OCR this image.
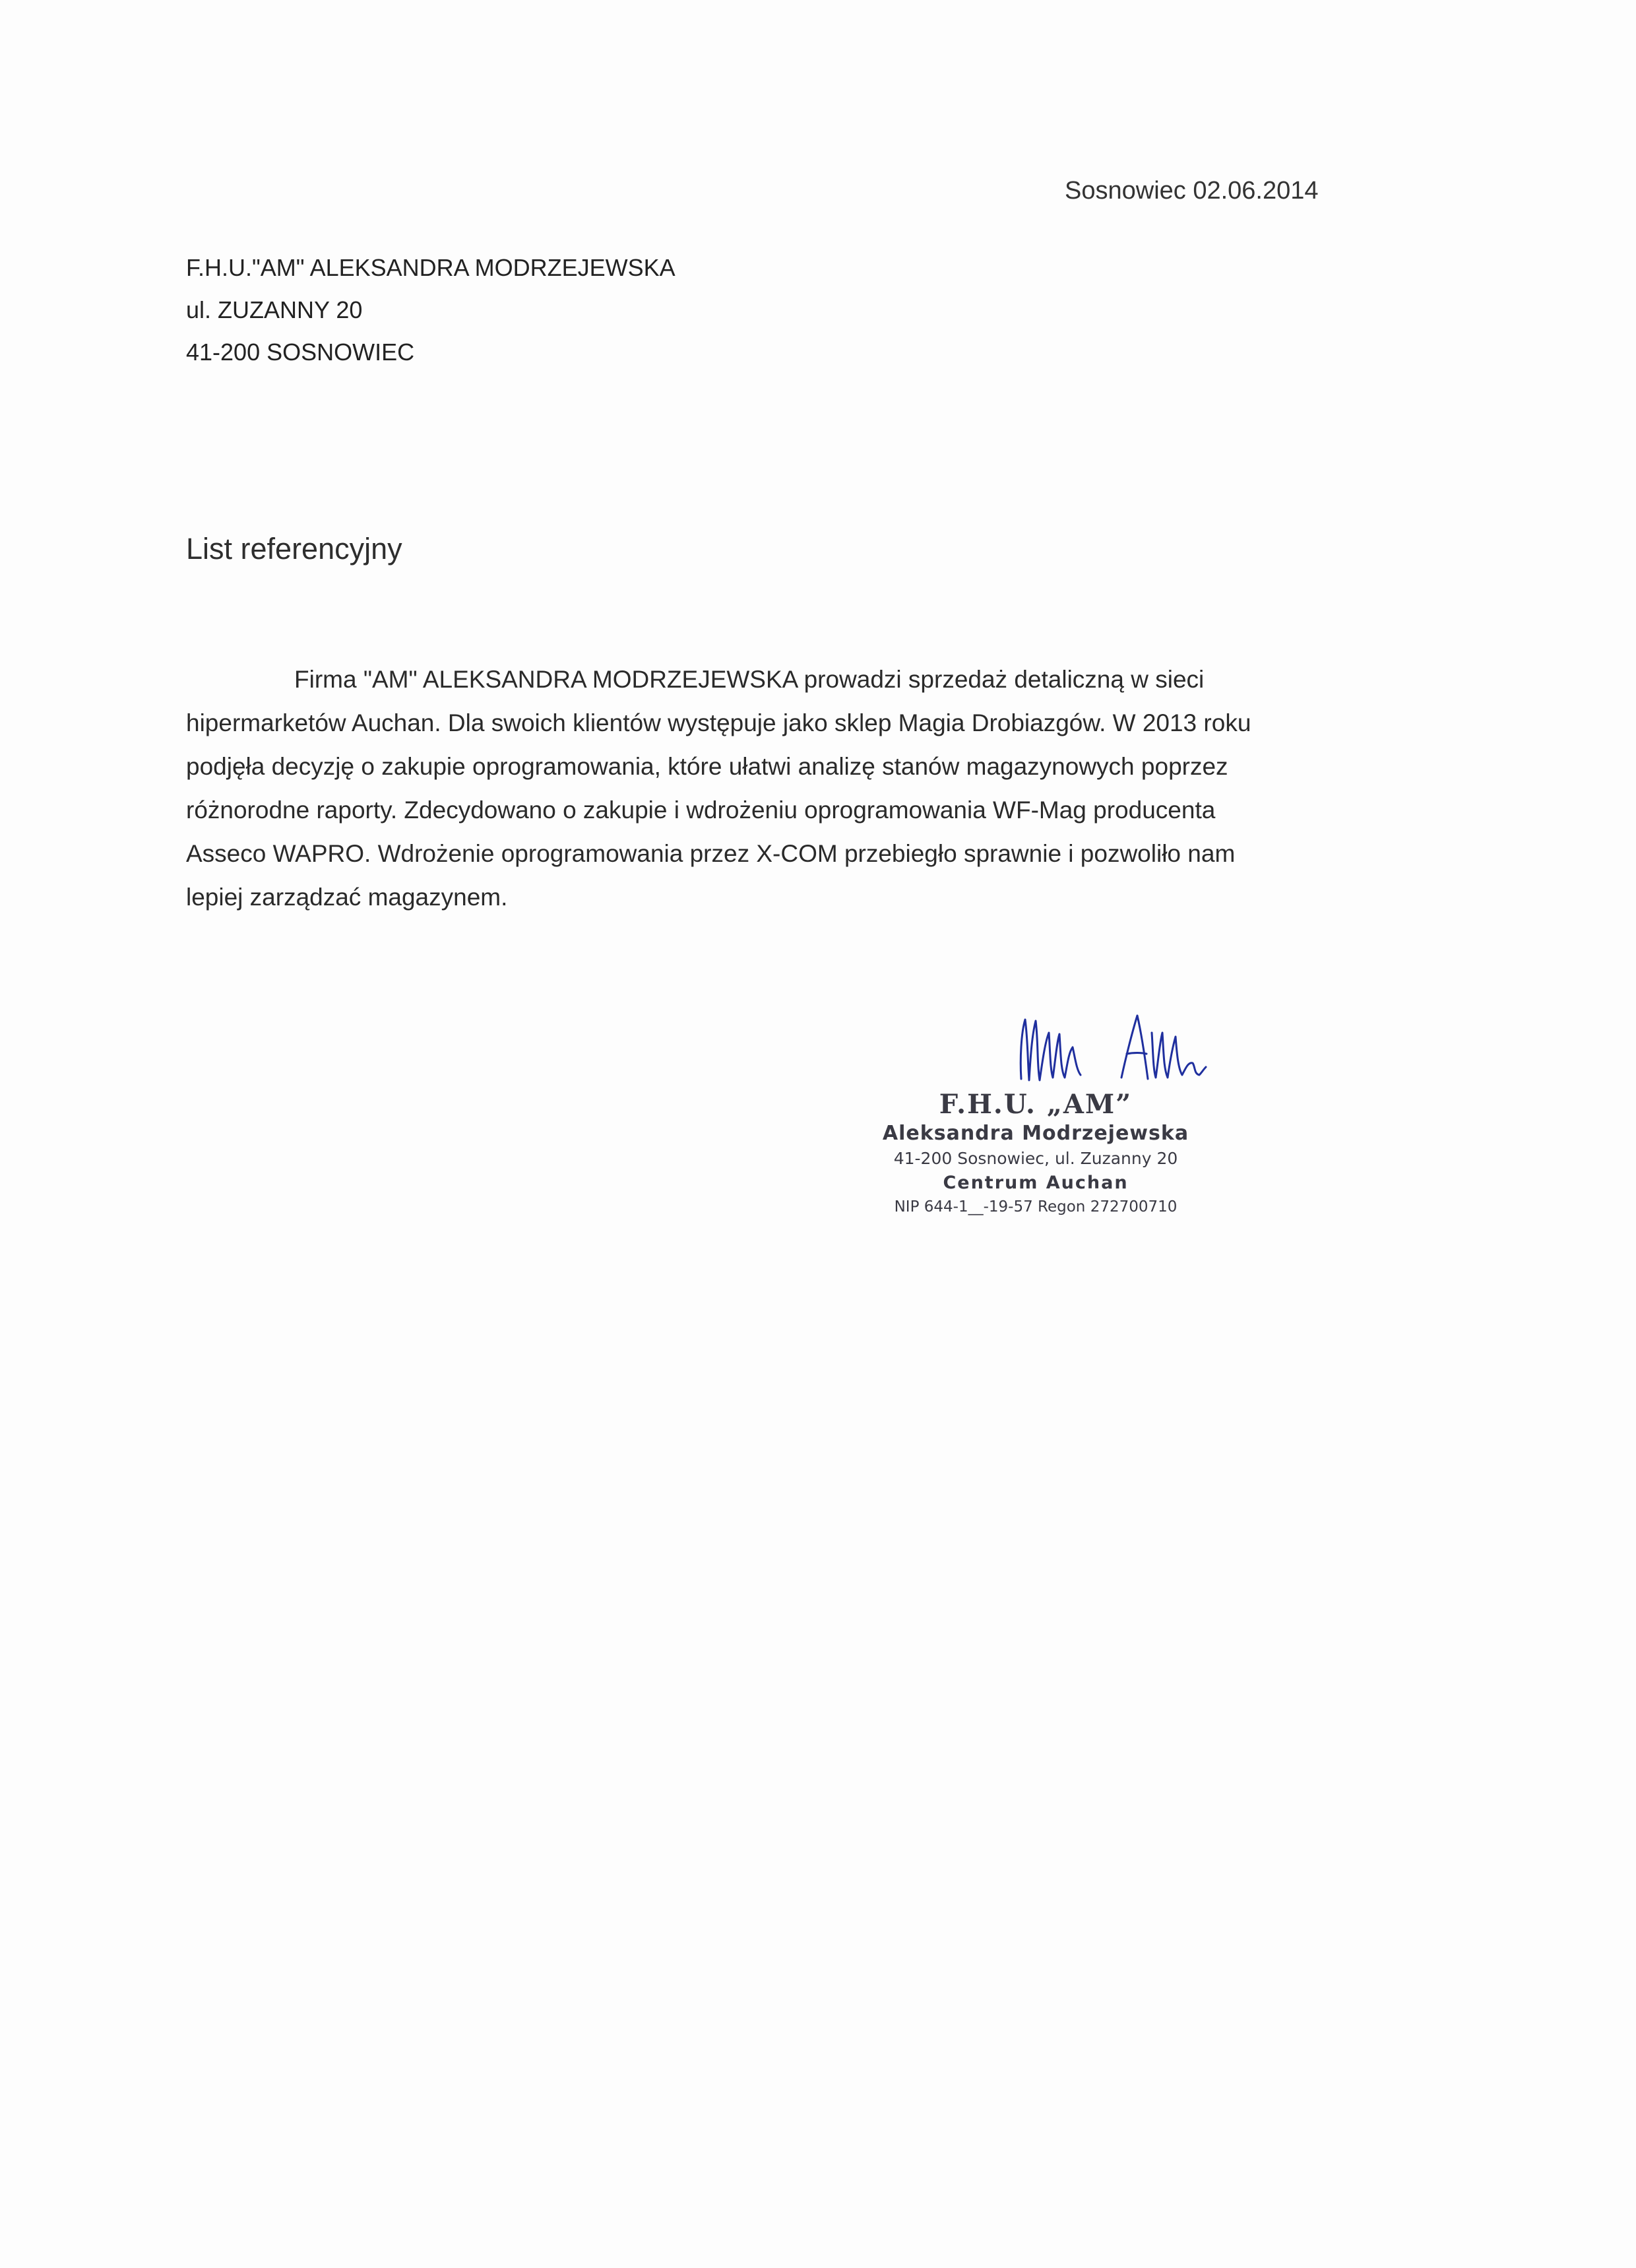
Sosnowiec 02.06.2014
F.H.U."AM" ALEKSANDRA MODRZEJEWSKA
ul. ZUZANNY 20
41-200 SOSNOWIEC
List referencyjny
Firma "AM" ALEKSANDRA MODRZEJEWSKA prowadzi sprzedaż detaliczną w sieci
hipermarketów Auchan. Dla swoich klientów występuje jako sklep Magia Drobiazgów. W 2013 roku
podjęła decyzję o zakupie oprogramowania, które ułatwi analizę stanów magazynowych poprzez
różnorodne raporty. Zdecydowano o zakupie i wdrożeniu oprogramowania WF-Mag producenta
Asseco WAPRO. Wdrożenie oprogramowania przez X-COM przebiegło sprawnie i pozwoliło nam
lepiej zarządzać magazynem.
F.H.U. „AM”
Aleksandra Modrzejewska
41-200 Sosnowiec, ul. Zuzanny 20
Centrum Auchan
NIP 644-1__-19-57 Regon 272700710
